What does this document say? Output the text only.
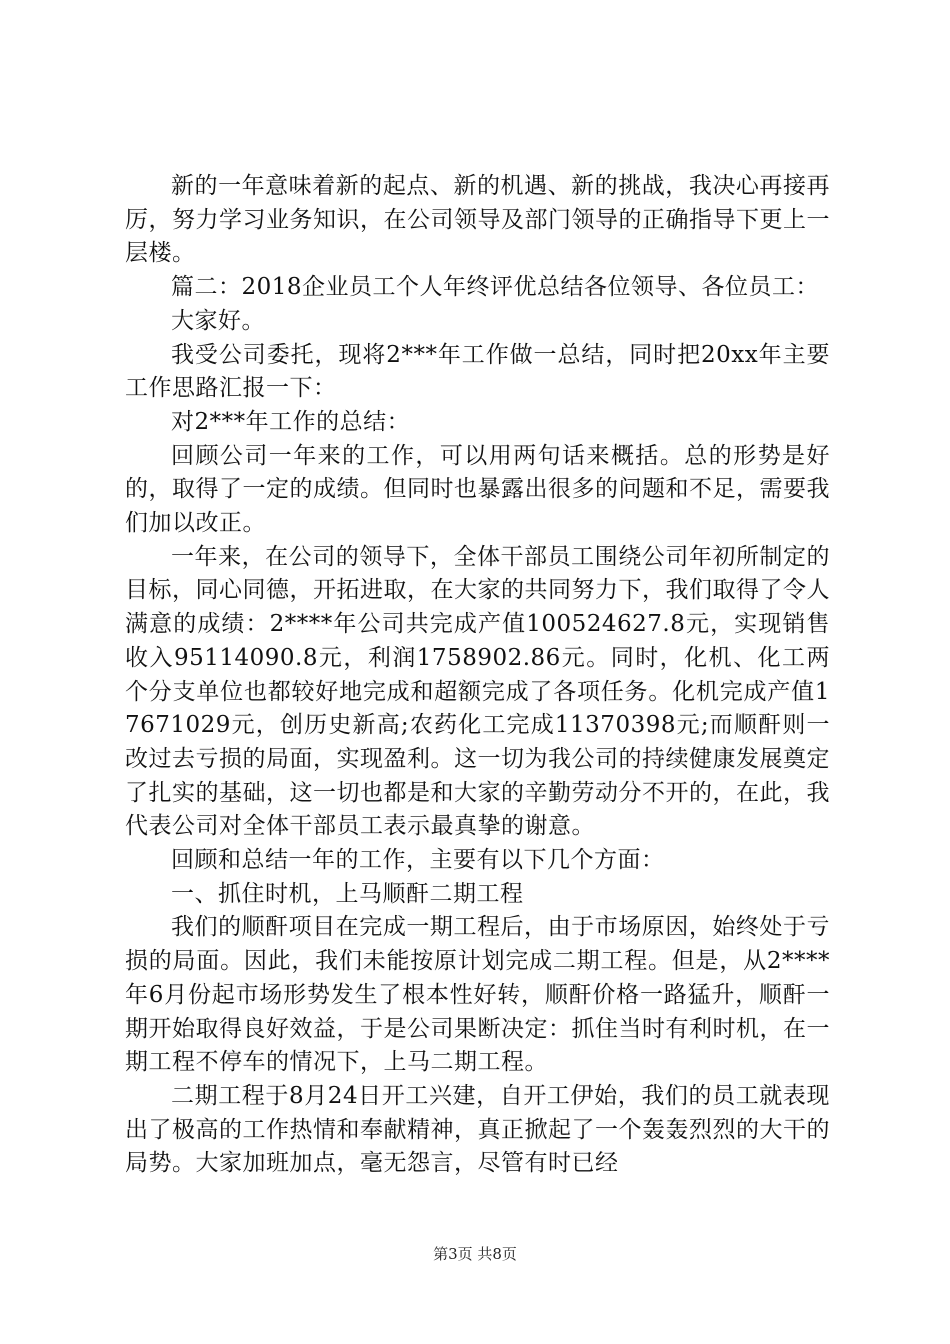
新的一年意味着新的起点、新的机遇、新的挑战，我决心再接再厉，努力学习业务知识，在公司领导及部门领导的正确指导下更上一层楼。

篇二：2018企业员工个人年终评优总结各位领导、各位员工：

大家好。

我受公司委托，现将2***年工作做一总结，同时把20xx年主要工作思路汇报一下：

对2***年工作的总结：

回顾公司一年来的工作，可以用两句话来概括。总的形势是好的，取得了一定的成绩。但同时也暴露出很多的问题和不足，需要我们加以改正。

一年来，在公司的领导下，全体干部员工围绕公司年初所制定的目标，同心同德，开拓进取，在大家的共同努力下，我们取得了令人满意的成绩：2****年公司共完成产值100524627.8元，实现销售收入95114090.8元，利润1758902.86元。同时，化机、化工两个分支单位也都较好地完成和超额完成了各项任务。化机完成产值17671029元，创历史新高;农药化工完成11370398元;而顺酐则一改过去亏损的局面，实现盈利。这一切为我公司的持续健康发展奠定了扎实的基础，这一切也都是和大家的辛勤劳动分不开的，在此，我代表公司对全体干部员工表示最真挚的谢意。

回顾和总结一年的工作，主要有以下几个方面：

一、抓住时机，上马顺酐二期工程

我们的顺酐项目在完成一期工程后，由于市场原因，始终处于亏损的局面。因此，我们未能按原计划完成二期工程。但是，从2****年6月份起市场形势发生了根本性好转，顺酐价格一路猛升，顺酐一期开始取得良好效益，于是公司果断决定：抓住当时有利时机，在一期工程不停车的情况下，上马二期工程。

二期工程于8月24日开工兴建，自开工伊始，我们的员工就表现出了极高的工作热情和奉献精神，真正掀起了一个轰轰烈烈的大干的局势。大家加班加点，毫无怨言，尽管有时已经

第3页 共8页
